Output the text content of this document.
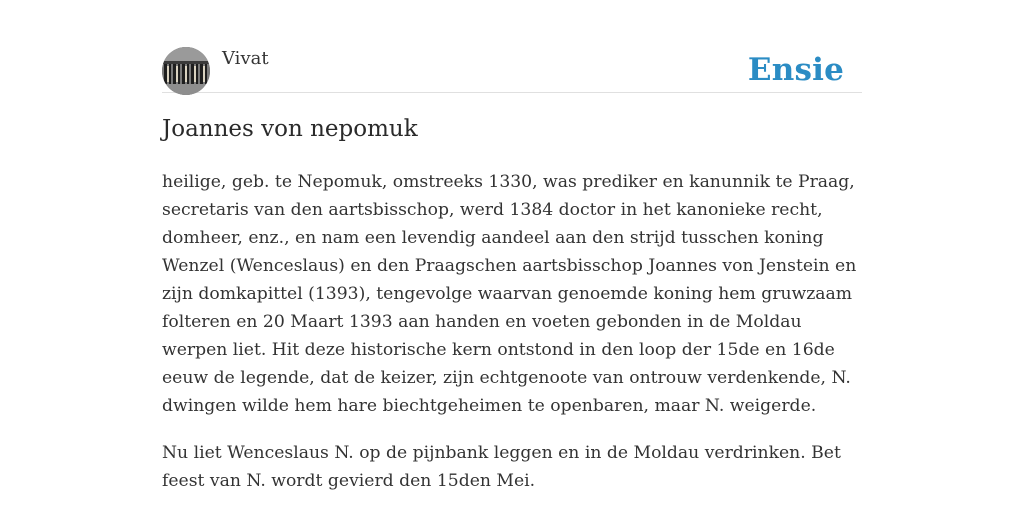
Vivat	Ensie
Joannes von nepomuk

heilige, geb. te Nepomuk, omstreeks 1330, was prediker en kanunnik te Praag, secretaris van den aartsbisschop, werd 1384 doctor in het kanonieke recht, domheer, enz., en nam een levendig aandeel aan den strijd tusschen koning Wenzel (Wenceslaus) en den Praagschen aartsbisschop Joannes von Jenstein en zijn domkapittel (1393), tengevolge waarvan genoemde koning hem gruwzaam folteren en 20 Maart 1393 aan handen en voeten gebonden in de Moldau werpen liet. Hit deze historische kern ontstond in den loop der 15de en 16de eeuw de legende, dat de keizer, zijn echtgenoote van ontrouw verdenkende, N. dwingen wilde hem hare biechtgeheimen te openbaren, maar N. weigerde.

Nu liet Wenceslaus N. op de pijnbank leggen en in de Moldau verdrinken. Bet feest van N. wordt gevierd den 15den Mei.
